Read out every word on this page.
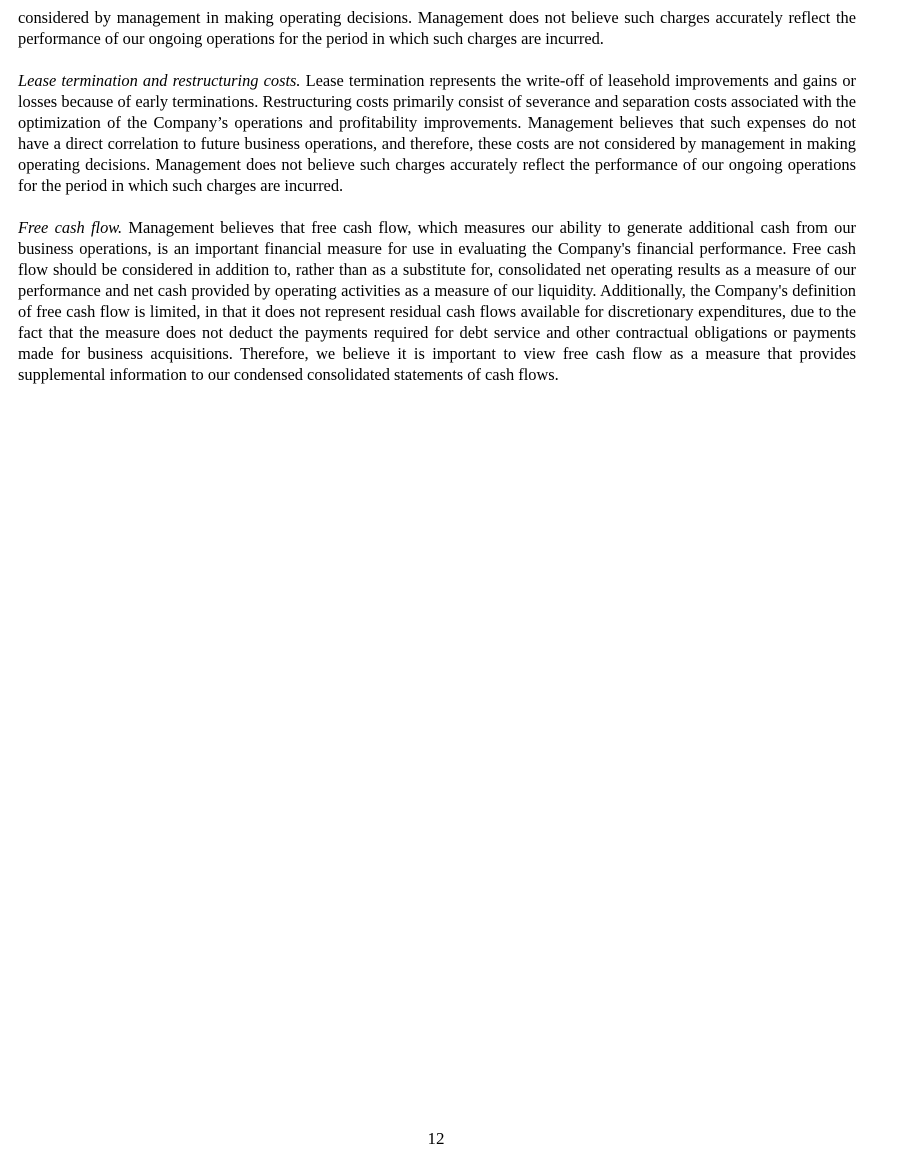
considered by management in making operating decisions. Management does not believe such charges accurately reflect the performance of our ongoing operations for the period in which such charges are incurred.

Lease termination and restructuring costs. Lease termination represents the write-off of leasehold improvements and gains or losses because of early terminations. Restructuring costs primarily consist of severance and separation costs associated with the optimization of the Company’s operations and profitability improvements. Management believes that such expenses do not have a direct correlation to future business operations, and therefore, these costs are not considered by management in making operating decisions. Management does not believe such charges accurately reflect the performance of our ongoing operations for the period in which such charges are incurred.

Free cash flow. Management believes that free cash flow, which measures our ability to generate additional cash from our business operations, is an important financial measure for use in evaluating the Company's financial performance. Free cash flow should be considered in addition to, rather than as a substitute for, consolidated net operating results as a measure of our performance and net cash provided by operating activities as a measure of our liquidity. Additionally, the Company's definition of free cash flow is limited, in that it does not represent residual cash flows available for discretionary expenditures, due to the fact that the measure does not deduct the payments required for debt service and other contractual obligations or payments made for business acquisitions. Therefore, we believe it is important to view free cash flow as a measure that provides supplemental information to our condensed consolidated statements of cash flows.

12
